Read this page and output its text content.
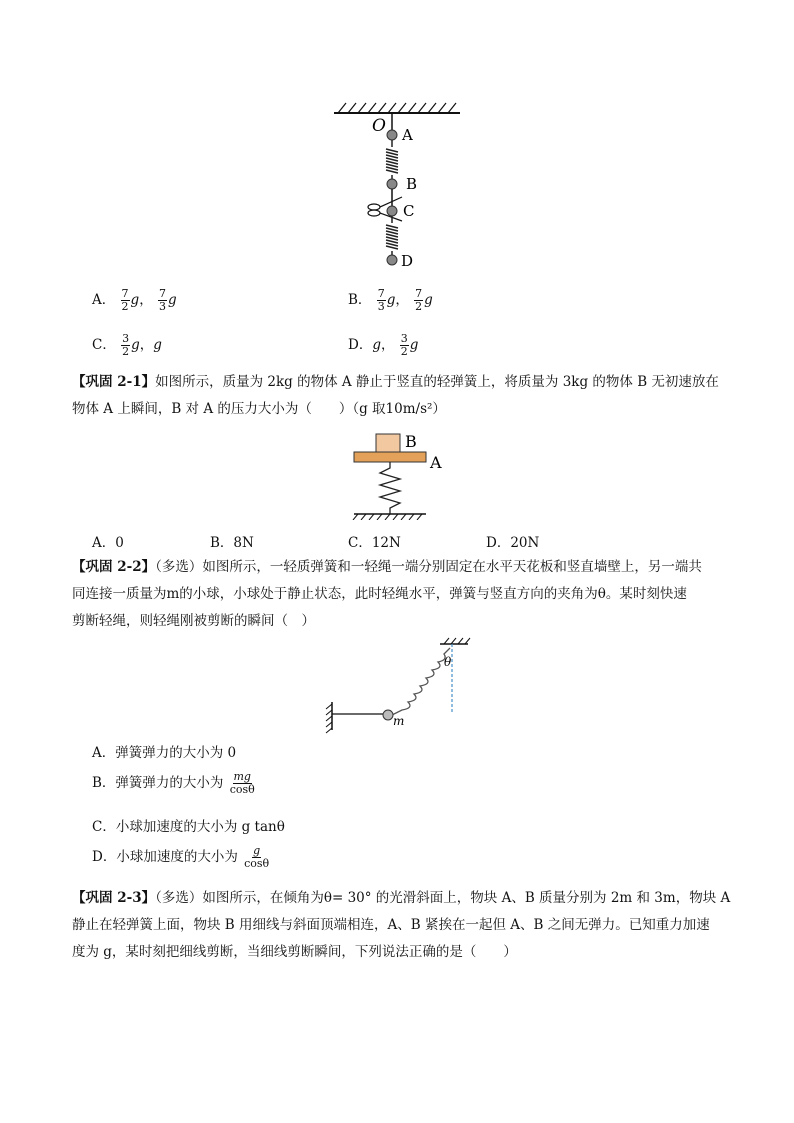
O A
B
C
D
A． $\frac{7}{2}$ g， $\frac{7}{3}$ g	B． $\frac{7}{3}$ g， $\frac{7}{2}$ g
C． $\frac{3}{2}$ g，g	D．g， $\frac{3}{2}$ g
【巩固 2-1】如图所示，质量为 2kg 的物体 A 静止于竖直的轻弹簧上，将质量为 3kg 的物体 B 无初速放在
物体 A 上瞬间，B 对 A 的压力大小为（　　）（g 取10m/s²）
B
A
A．0	B．8N	C．12N	D．20N
【巩固 2-2】（多选）如图所示，一轻质弹簧和一轻绳一端分别固定在水平天花板和竖直墙壁上，另一端共
同连接一质量为m的小球，小球处于静止状态，此时轻绳水平，弹簧与竖直方向的夹角为θ。某时刻快速
剪断轻绳，则轻绳刚被剪断的瞬间（　）
θ
m
A．弹簧弹力的大小为 0
B．弹簧弹力的大小为 $\frac{mg}{\cos\theta}$
C．小球加速度的大小为 g tanθ
D．小球加速度的大小为 $\frac{g}{\cos\theta}$
【巩固 2-3】（多选）如图所示，在倾角为θ= 30° 的光滑斜面上，物块 A、B 质量分别为 2m 和 3m，物块 A
静止在轻弹簧上面，物块 B 用细线与斜面顶端相连，A、B 紧挨在一起但 A、B 之间无弹力。已知重力加速
度为 g，某时刻把细线剪断，当细线剪断瞬间，下列说法正确的是（　　）
